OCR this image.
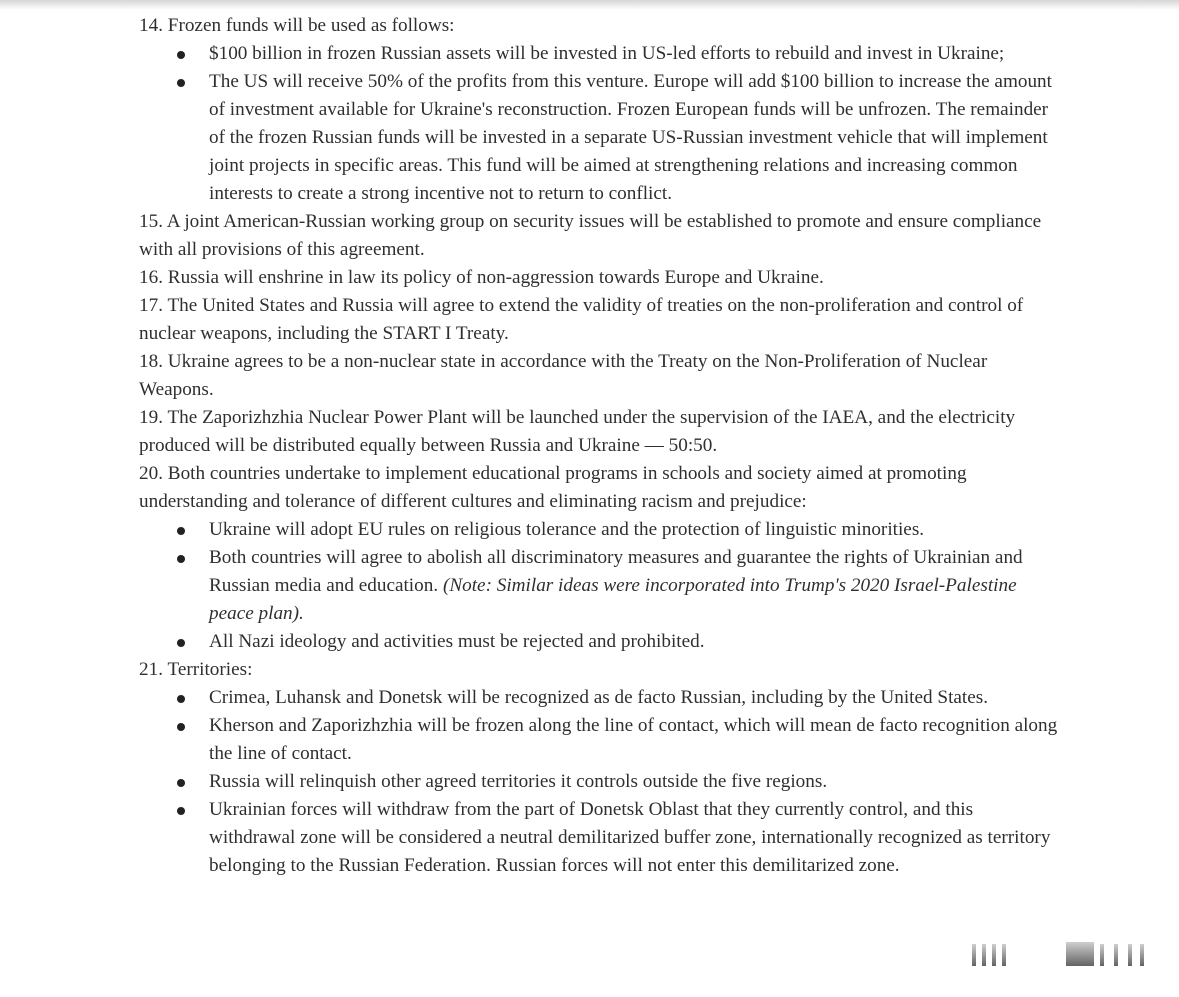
14. Frozen funds will be used as follows:

$100 billion in frozen Russian assets will be invested in US-led efforts to rebuild and invest in Ukraine;
The US will receive 50% of the profits from this venture. Europe will add $100 billion to increase the amount of investment available for Ukraine's reconstruction. Frozen European funds will be unfrozen. The remainder of the frozen Russian funds will be invested in a separate US-Russian investment vehicle that will implement joint projects in specific areas. This fund will be aimed at strengthening relations and increasing common interests to create a strong incentive not to return to conflict.

15. A joint American-Russian working group on security issues will be established to promote and ensure compliance with all provisions of this agreement.

16. Russia will enshrine in law its policy of non-aggression towards Europe and Ukraine.

17. The United States and Russia will agree to extend the validity of treaties on the non-proliferation and control of nuclear weapons, including the START I Treaty.

18. Ukraine agrees to be a non-nuclear state in accordance with the Treaty on the Non-Proliferation of Nuclear Weapons.

19. The Zaporizhzhia Nuclear Power Plant will be launched under the supervision of the IAEA, and the electricity produced will be distributed equally between Russia and Ukraine — 50:50.

20. Both countries undertake to implement educational programs in schools and society aimed at promoting understanding and tolerance of different cultures and eliminating racism and prejudice:

Ukraine will adopt EU rules on religious tolerance and the protection of linguistic minorities.
Both countries will agree to abolish all discriminatory measures and guarantee the rights of Ukrainian and Russian media and education. (Note: Similar ideas were incorporated into Trump's 2020 Israel-Palestine peace plan).
All Nazi ideology and activities must be rejected and prohibited.

21. Territories:

Crimea, Luhansk and Donetsk will be recognized as de facto Russian, including by the United States.
Kherson and Zaporizhzhia will be frozen along the line of contact, which will mean de facto recognition along the line of contact.
Russia will relinquish other agreed territories it controls outside the five regions.
Ukrainian forces will withdraw from the part of Donetsk Oblast that they currently control, and this withdrawal zone will be considered a neutral demilitarized buffer zone, internationally recognized as territory belonging to the Russian Federation. Russian forces will not enter this demilitarized zone.
